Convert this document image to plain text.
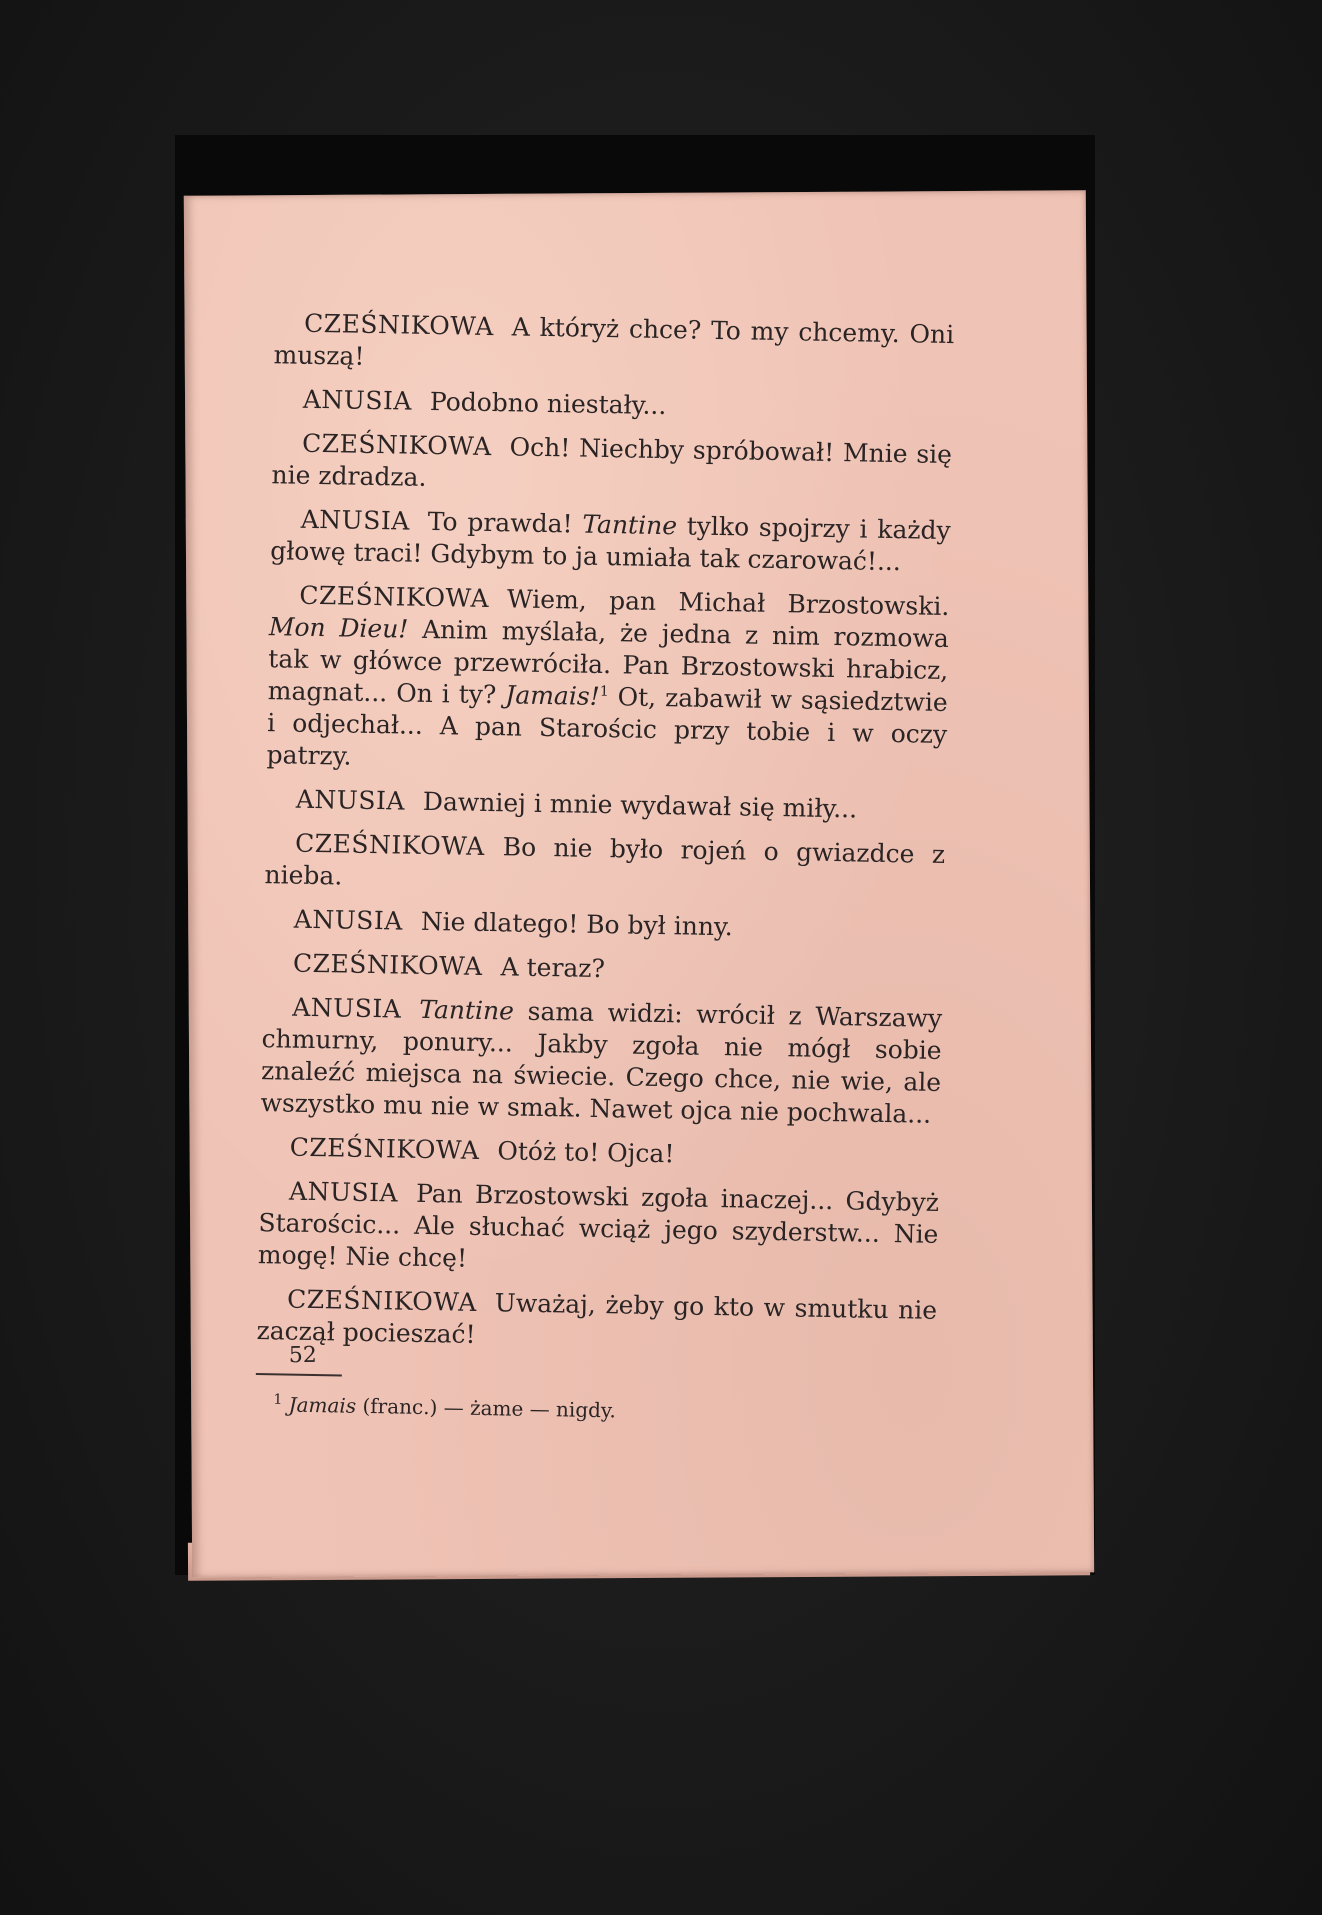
CZEŚNIKOWA A któryż chce? To my chcemy. Oni muszą!

ANUSIA Podobno niestały...

CZEŚNIKOWA Och! Niechby spróbował! Mnie się nie zdradza.

ANUSIA To prawda! Tantine tylko spojrzy i każdy głowę traci! Gdybym to ja umiała tak czarować!...

CZEŚNIKOWA Wiem, pan Michał Brzostowski. Mon Dieu! Anim myślała, że jedna z nim rozmowa tak w główce przewróciła. Pan Brzostowski hrabicz, magnat... On i ty? Jamais!$^1$ Ot, zabawił w sąsiedztwie i odjechał... A pan Starościc przy tobie i w oczy patrzy.

ANUSIA Dawniej i mnie wydawał się miły...

CZEŚNIKOWA Bo nie było rojeń o gwiazdce z nieba.

ANUSIA Nie dlatego! Bo był inny.

CZEŚNIKOWA A teraz?

ANUSIA Tantine sama widzi: wrócił z Warszawy chmurny, ponury... Jakby zgoła nie mógł sobie znaleźć miejsca na świecie. Czego chce, nie wie, ale wszystko mu nie w smak. Nawet ojca nie pochwala...

CZEŚNIKOWA Otóż to! Ojca!

ANUSIA Pan Brzostowski zgoła inaczej... Gdybyż Starościc... Ale słuchać wciąż jego szyderstw... Nie mogę! Nie chcę!

CZEŚNIKOWA Uważaj, żeby go kto w smutku nie zaczął pocieszać!

$^1$ Jamais (franc.) — żame — nigdy.
52
